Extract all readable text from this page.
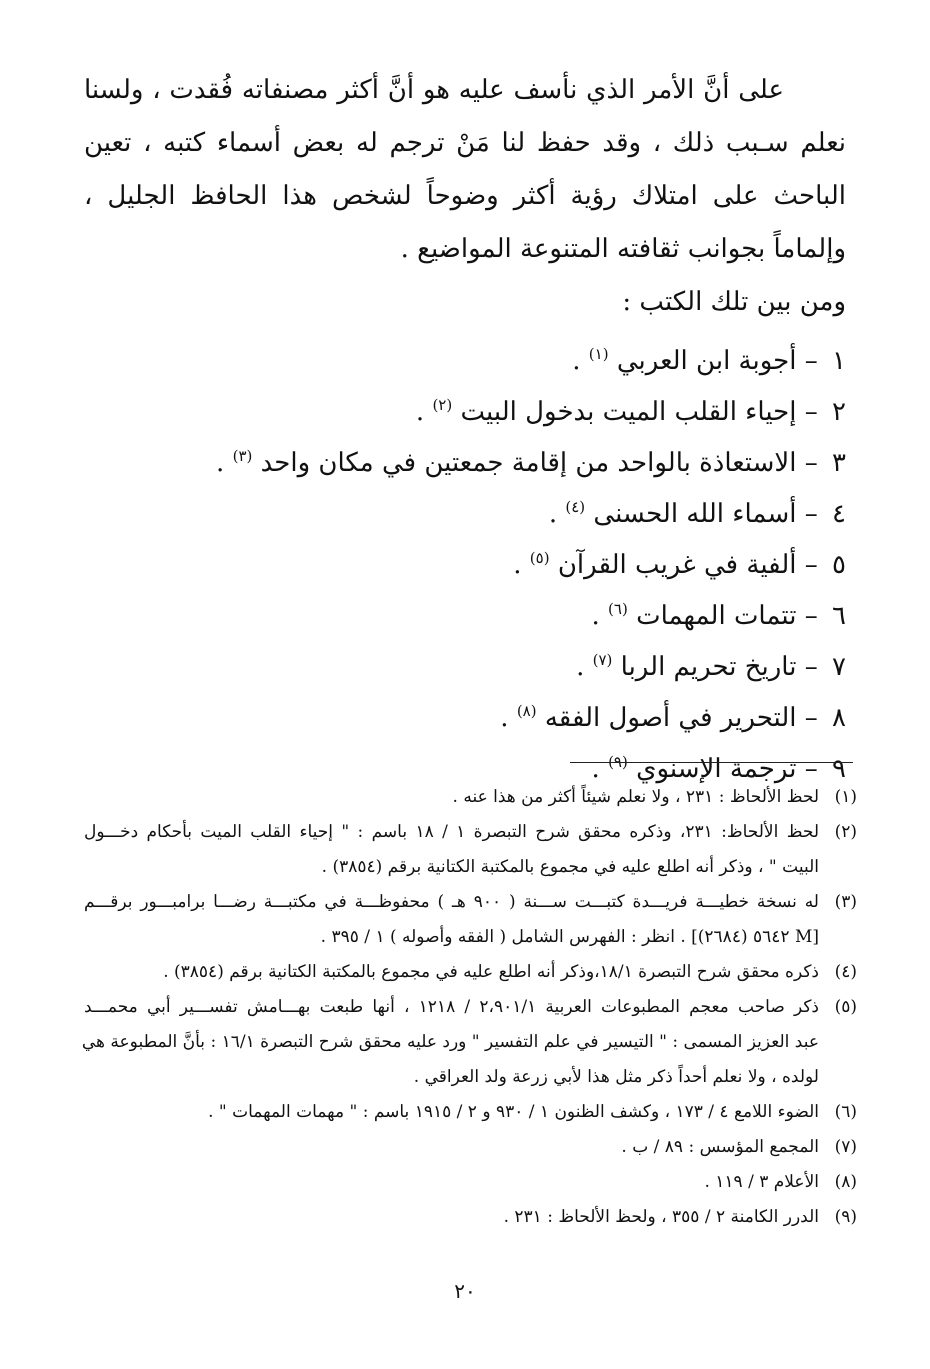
على أنَّ الأمر الذي نأسف عليه هو أنَّ أكثر مصنفاته فُقدت ، ولسنا نعلم سـبب ذلك ، وقد حفظ لنا مَنْ ترجم له بعض أسماء كتبه ، تعين الباحث على امتلاك رؤية أكثر وضوحاً لشخص هذا الحافظ الجليل ، وإلماماً بجوانب ثقافته المتنوعة المواضيع .

ومن بين تلك الكتب :

١ – أجوبة ابن العربي $^{(١)}$ .
٢ – إحياء القلب الميت بدخول البيت $^{(٢)}$ .
٣ – الاستعاذة بالواحد من إقامة جمعتين في مكان واحد $^{(٣)}$ .
٤ – أسماء الله الحسنى $^{(٤)}$ .
٥ – ألفية في غريب القرآن $^{(٥)}$ .
٦ – تتمات المهمات $^{(٦)}$ .
٧ – تاريخ تحريم الربا $^{(٧)}$ .
٨ – التحرير في أصول الفقه $^{(٨)}$ .
٩ – ترجمة الإسنوي $^{(٩)}$ .
(١)
لحظ الألحاظ : ٢٣١ ، ولا نعلم شيئاً أكثر من هذا عنه .
(٢)
لحظ الألحاظ: ٢٣١، وذكره محقق شرح التبصرة ١ / ١٨ باسم : " إحياء القلب الميت بأحكام دخـــول
البيت " ، وذكر أنه اطلع عليه في مجموع بالمكتبة الكتانية برقم (٣٨٥٤) .
(٣)
له نسخة خطيـــة فريـــدة كتبـــت ســـنة ( ٩٠٠ هـ ) محفوظـــة في مكتبـــة رضـــا برامبـــور برقـــم
[M ٥٦٤٢ (٢٦٨٤)] . انظر : الفهرس الشامل ( الفقه وأصوله ) ١ / ٣٩٥ .
(٤)
ذكره محقق شرح التبصرة ١٨/١،وذكر أنه اطلع عليه في مجموع بالمكتبة الكتانية برقم (٣٨٥٤) .
(٥)
ذكر صاحب معجم المطبوعات العربية ٢،٩٠١/١ / ١٢١٨ ، أنها طبعت بهـــامش تفســـير أبي محمـــد
عبد العزيز المسمى : " التيسير في علم التفسير " ورد عليه محقق شرح التبصرة ١٦/١ : بأنَّ المطبوعة هي
لولده ، ولا نعلم أحداً ذكر مثل هذا لأبي زرعة ولد العراقي .
(٦)
الضوء اللامع ٤ / ١٧٣ ، وكشف الظنون ١ / ٩٣٠ و ٢ / ١٩١٥ باسم : " مهمات المهمات " .
(٧)
المجمع المؤسس : ٨٩ / ب .
(٨)
الأعلام ٣ / ١١٩ .
(٩)
الدرر الكامنة ٢ / ٣٥٥ ، ولحظ الألحاظ : ٢٣١ .
٢٠
